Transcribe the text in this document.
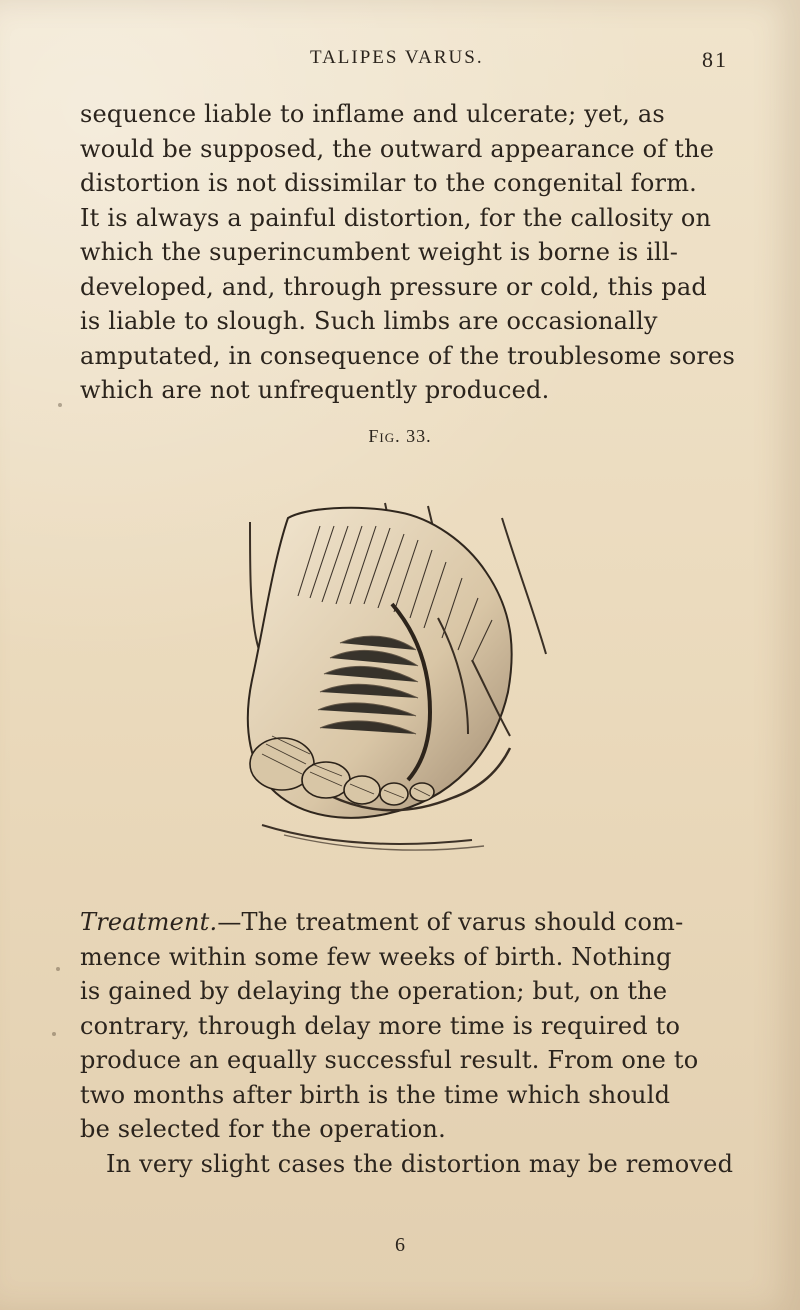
TALIPES VARUS.	81
sequence liable to inflame and ulcerate; yet, as
would be supposed, the outward appearance of the
distortion is not dissimilar to the congenital form.
It is always a painful distortion, for the callosity on
which the superincumbent weight is borne is ill-
developed, and, through pressure or cold, this pad
is liable to slough. Such limbs are occasionally
amputated, in consequence of the troublesome sores
which are not unfrequently produced.
Fig. 33.
Treatment.—The treatment of varus should com-
mence within some few weeks of birth. Nothing
is gained by delaying the operation; but, on the
contrary, through delay more time is required to
produce an equally successful result. From one to
two months after birth is the time which should
be selected for the operation.
In very slight cases the distortion may be removed
6
